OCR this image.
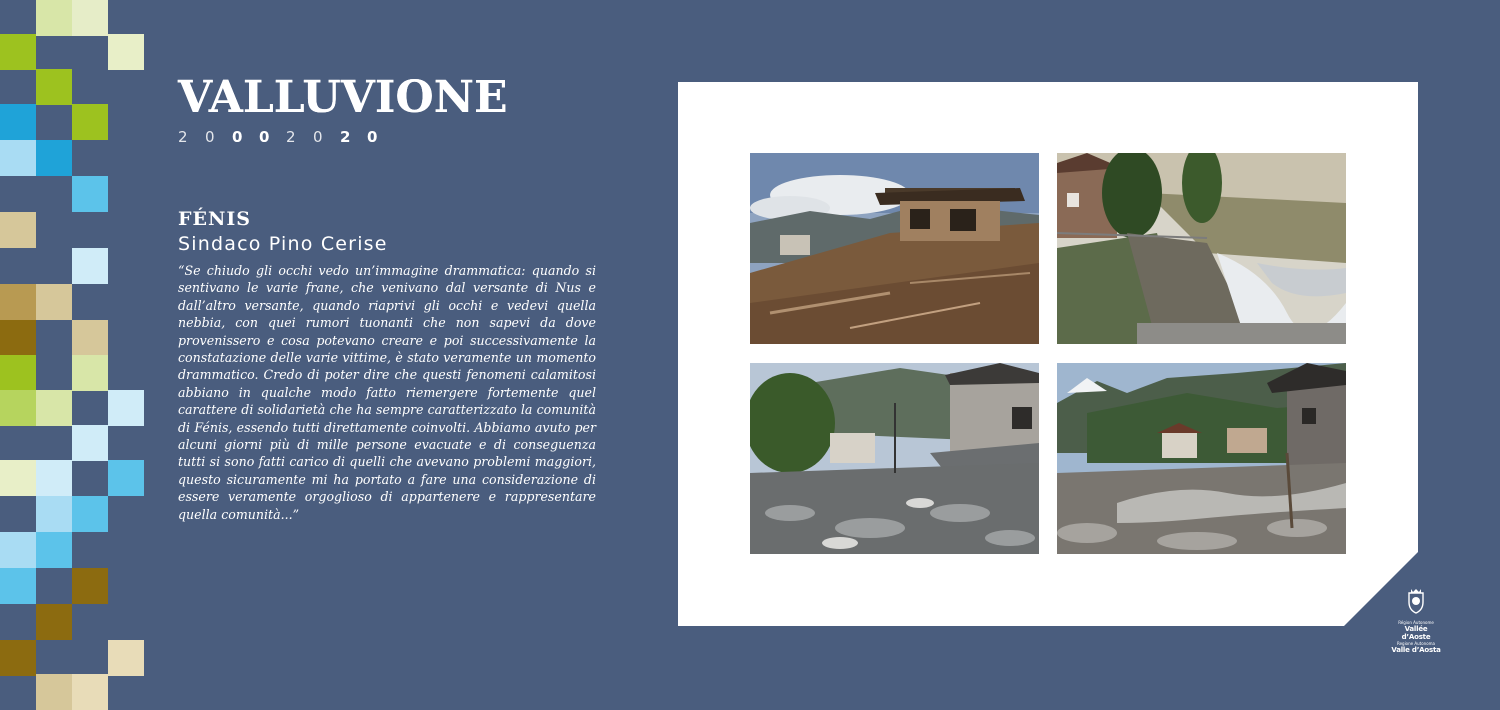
VALLUVIONE
2	0	0	0	2	0	2	0
FÉNIS
Sindaco Pino Cerise
“Se chiudo gli occhi vedo un’immagine drammatica: quando si sentivano le varie frane, che venivano dal versante di Nus e dall’altro versante, quando riaprivi gli occhi e vedevi quella nebbia, con quei rumori tuonanti che non sapevi da dove provenissero e cosa potevano creare e poi successivamente la constatazione delle varie vittime, è stato veramente un momento drammatico. Credo di poter dire che questi fenomeni calamitosi abbiano in qualche modo fatto riemergere fortemente quel carattere di solidarietà che ha sempre caratterizzato la comunità di Fénis, essendo tutti direttamente coinvolti. Abbiamo avuto per alcuni giorni più di mille persone evacuate e di conseguenza tutti si sono fatti carico di quelli che avevano problemi maggiori, questo sicuramente mi ha portato a fare una considerazione di essere veramente orgoglioso di appartenere e rappresentare quella comunità...”
Région Autonome
Vallée d’Aoste
Regione Autonoma
Valle d’Aosta
